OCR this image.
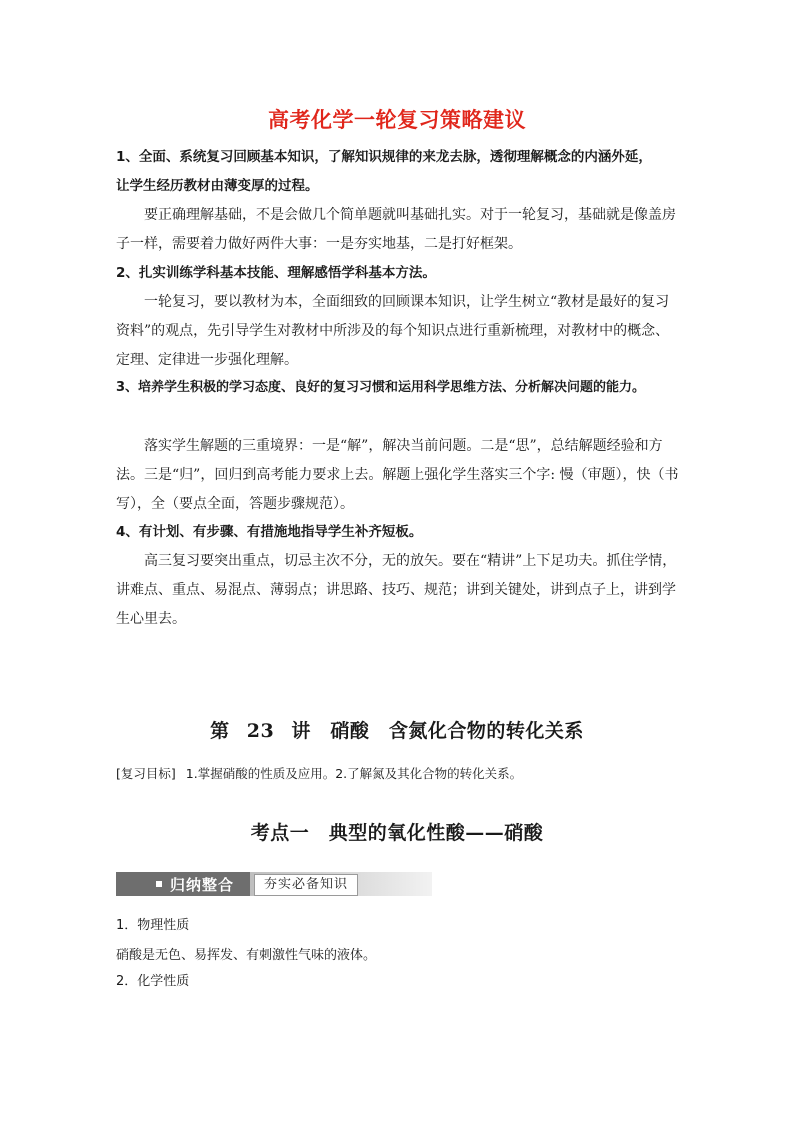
高考化学一轮复习策略建议
1、全面、系统复习回顾基本知识，了解知识规律的来龙去脉，透彻理解概念的内涵外延，
让学生经历教材由薄变厚的过程。
要正确理解基础，不是会做几个简单题就叫基础扎实。对于一轮复习，基础就是像盖房
子一样，需要着力做好两件大事：一是夯实地基，二是打好框架。
2、扎实训练学科基本技能、理解感悟学科基本方法。
一轮复习，要以教材为本，全面细致的回顾课本知识，让学生树立“教材是最好的复习
资料”的观点，先引导学生对教材中所涉及的每个知识点进行重新梳理，对教材中的概念、
定理、定律进一步强化理解。
3、培养学生积极的学习态度、良好的复习习惯和运用科学思维方法、分析解决问题的能力。
落实学生解题的三重境界：一是“解”，解决当前问题。二是“思”，总结解题经验和方
法。三是“归”，回归到高考能力要求上去。解题上强化学生落实三个字: 慢（审题），快（书
写），全（要点全面，答题步骤规范）。
4、有计划、有步骤、有措施地指导学生补齐短板。
高三复习要突出重点，切忌主次不分，无的放矢。要在“精讲”上下足功夫。抓住学情，
讲难点、重点、易混点、薄弱点；讲思路、技巧、规范；讲到关键处，讲到点子上，讲到学
生心里去。
第 23 讲　硝酸　含氮化合物的转化关系
[复习目标] 1.掌握硝酸的性质及应用。2.了解氮及其化合物的转化关系。
考点一　典型的氧化性酸——硝酸
归纳整合	夯实必备知识
1．物理性质
硝酸是无色、易挥发、有刺激性气味的液体。
2．化学性质
